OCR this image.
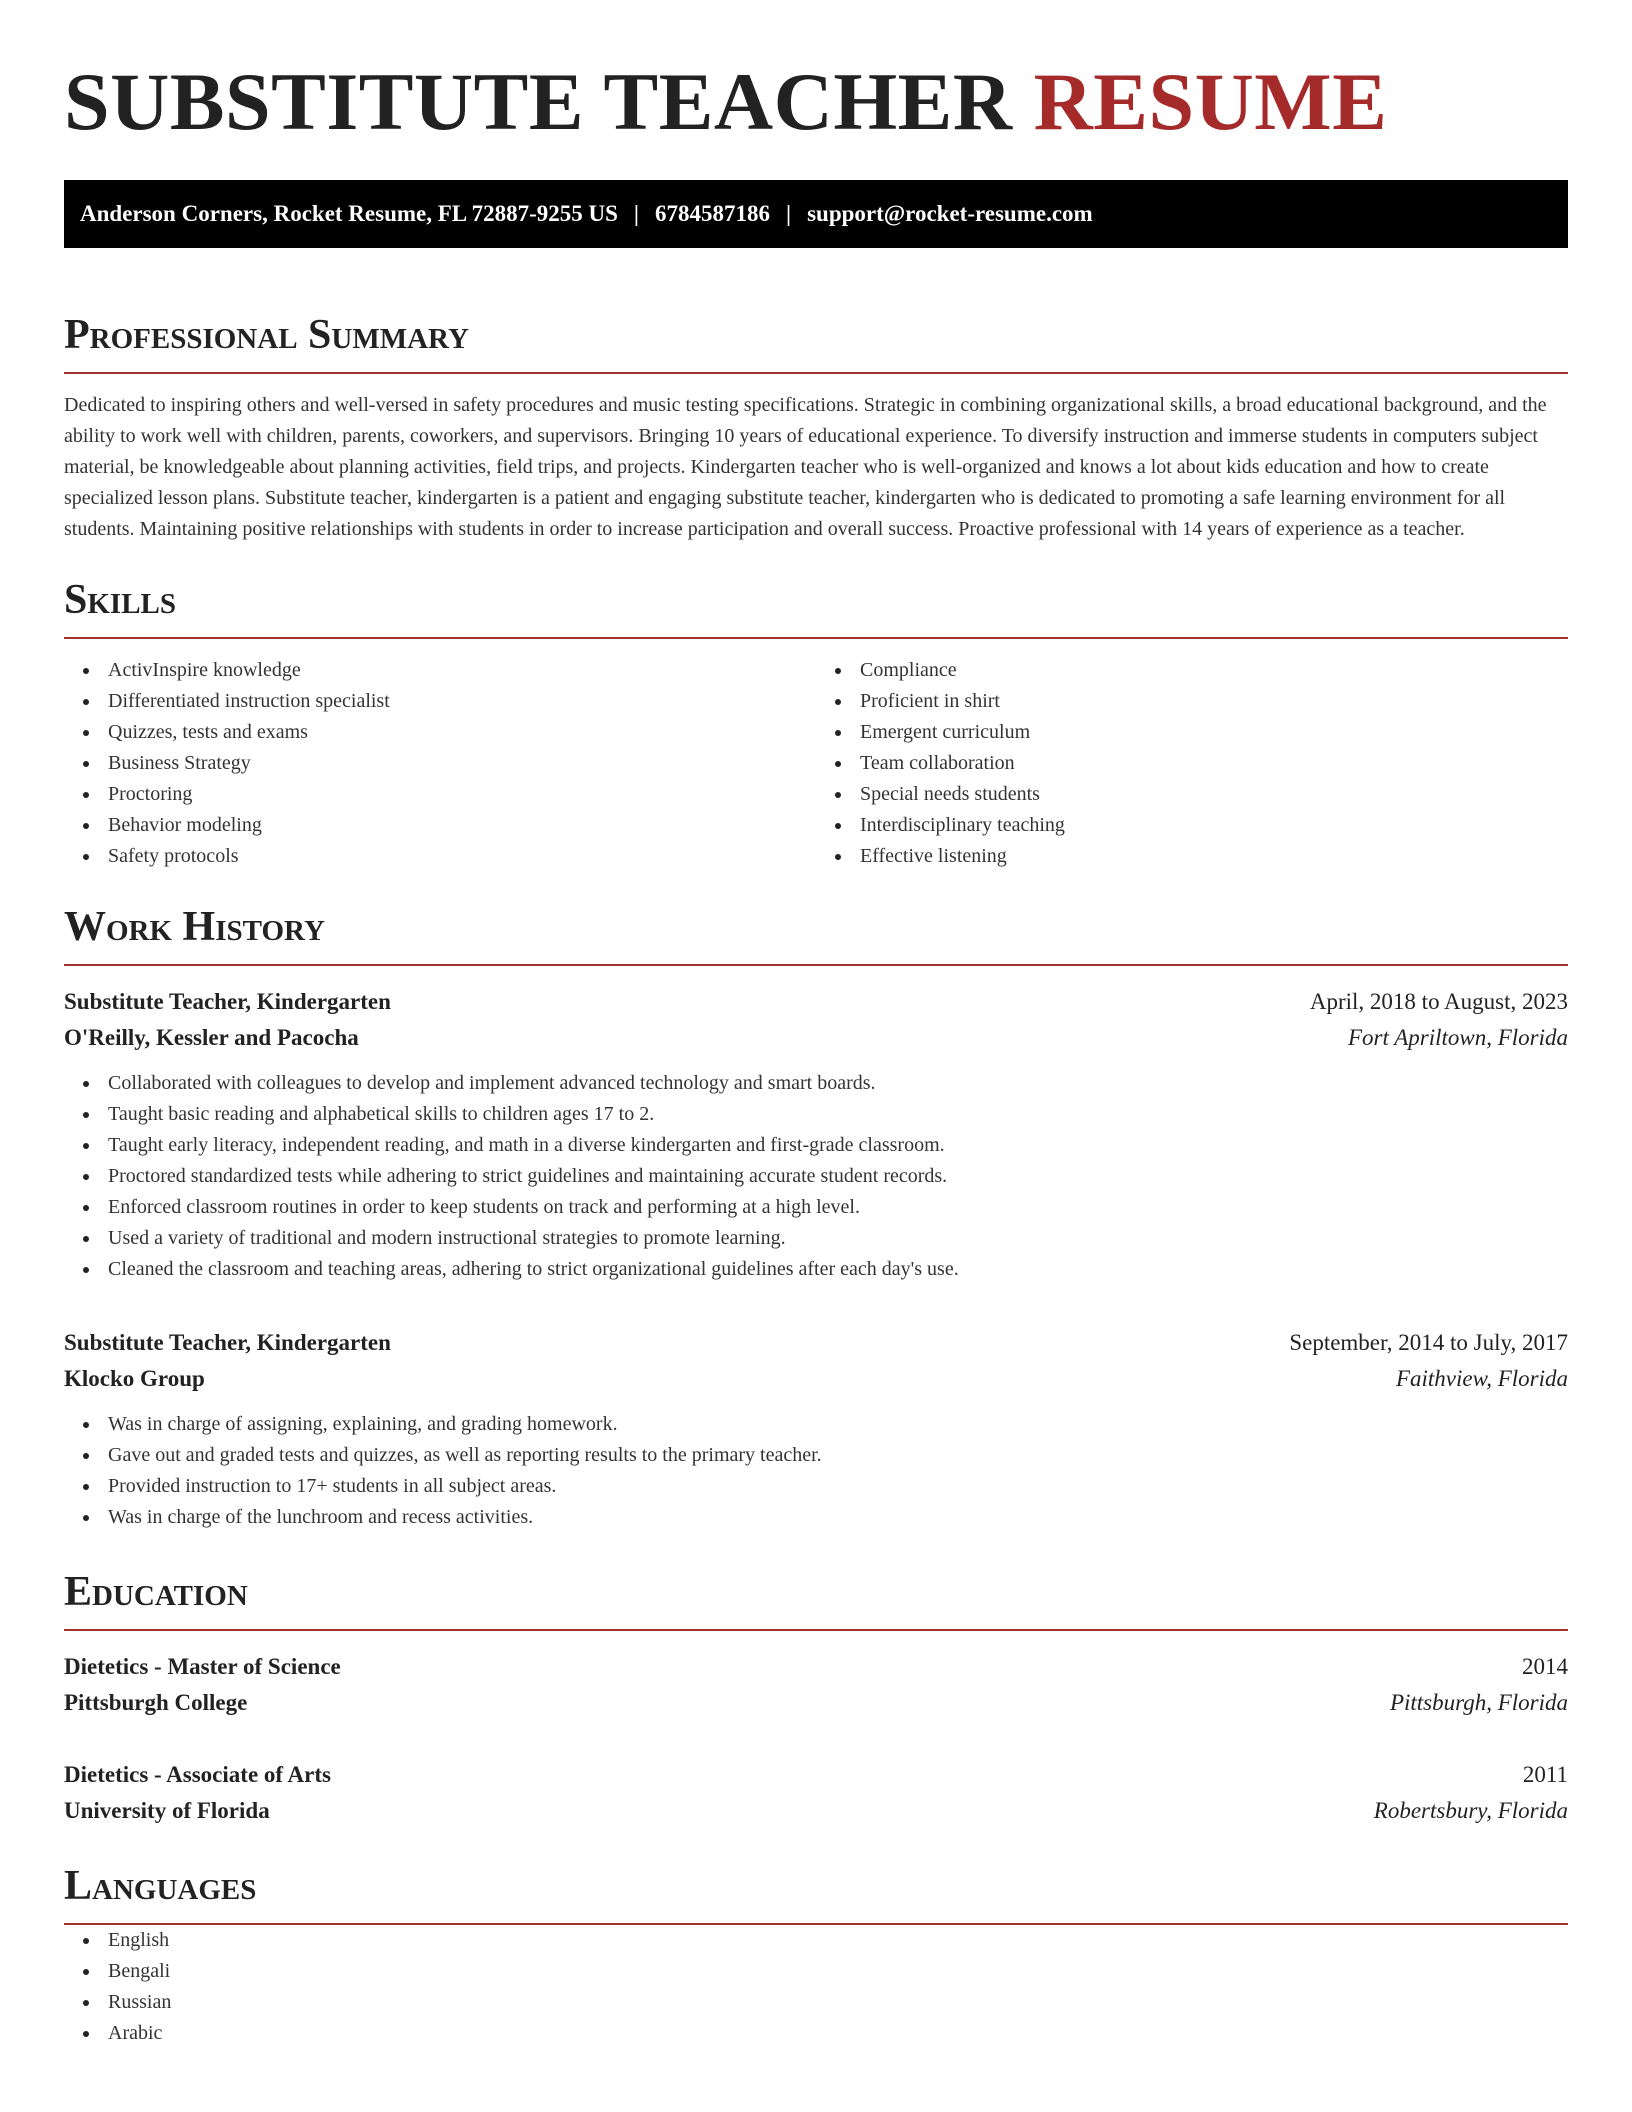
SUBSTITUTE TEACHER RESUME
Anderson Corners, Rocket Resume, FL 72887-9255 US | 6784587186 | support@rocket-resume.com
Professional Summary

Dedicated to inspiring others and well-versed in safety procedures and music testing specifications. Strategic in combining organizational skills, a broad educational background, and the ability to work well with children, parents, coworkers, and supervisors. Bringing 10 years of educational experience. To diversify instruction and immerse students in computers subject material, be knowledgeable about planning activities, field trips, and projects. Kindergarten teacher who is well-organized and knows a lot about kids education and how to create specialized lesson plans. Substitute teacher, kindergarten is a patient and engaging substitute teacher, kindergarten who is dedicated to promoting a safe learning environment for all students. Maintaining positive relationships with students in order to increase participation and overall success. Proactive professional with 14 years of experience as a teacher.

Skills
ActivInspire knowledge
Differentiated instruction specialist
Quizzes, tests and exams
Business Strategy
Proctoring
Behavior modeling
Safety protocols
Compliance
Proficient in shirt
Emergent curriculum
Team collaboration
Special needs students
Interdisciplinary teaching
Effective listening
Work History
Substitute Teacher, Kindergarten	April, 2018 to August, 2023
O'Reilly, Kessler and Pacocha	Fort Apriltown, Florida
Collaborated with colleagues to develop and implement advanced technology and smart boards.
Taught basic reading and alphabetical skills to children ages 17 to 2.
Taught early literacy, independent reading, and math in a diverse kindergarten and first-grade classroom.
Proctored standardized tests while adhering to strict guidelines and maintaining accurate student records.
Enforced classroom routines in order to keep students on track and performing at a high level.
Used a variety of traditional and modern instructional strategies to promote learning.
Cleaned the classroom and teaching areas, adhering to strict organizational guidelines after each day's use.
Substitute Teacher, Kindergarten	September, 2014 to July, 2017
Klocko Group	Faithview, Florida
Was in charge of assigning, explaining, and grading homework.
Gave out and graded tests and quizzes, as well as reporting results to the primary teacher.
Provided instruction to 17+ students in all subject areas.
Was in charge of the lunchroom and recess activities.
Education
Dietetics - Master of Science	2014
Pittsburgh College	Pittsburgh, Florida
Dietetics - Associate of Arts	2011
University of Florida	Robertsbury, Florida
Languages
English
Bengali
Russian
Arabic
